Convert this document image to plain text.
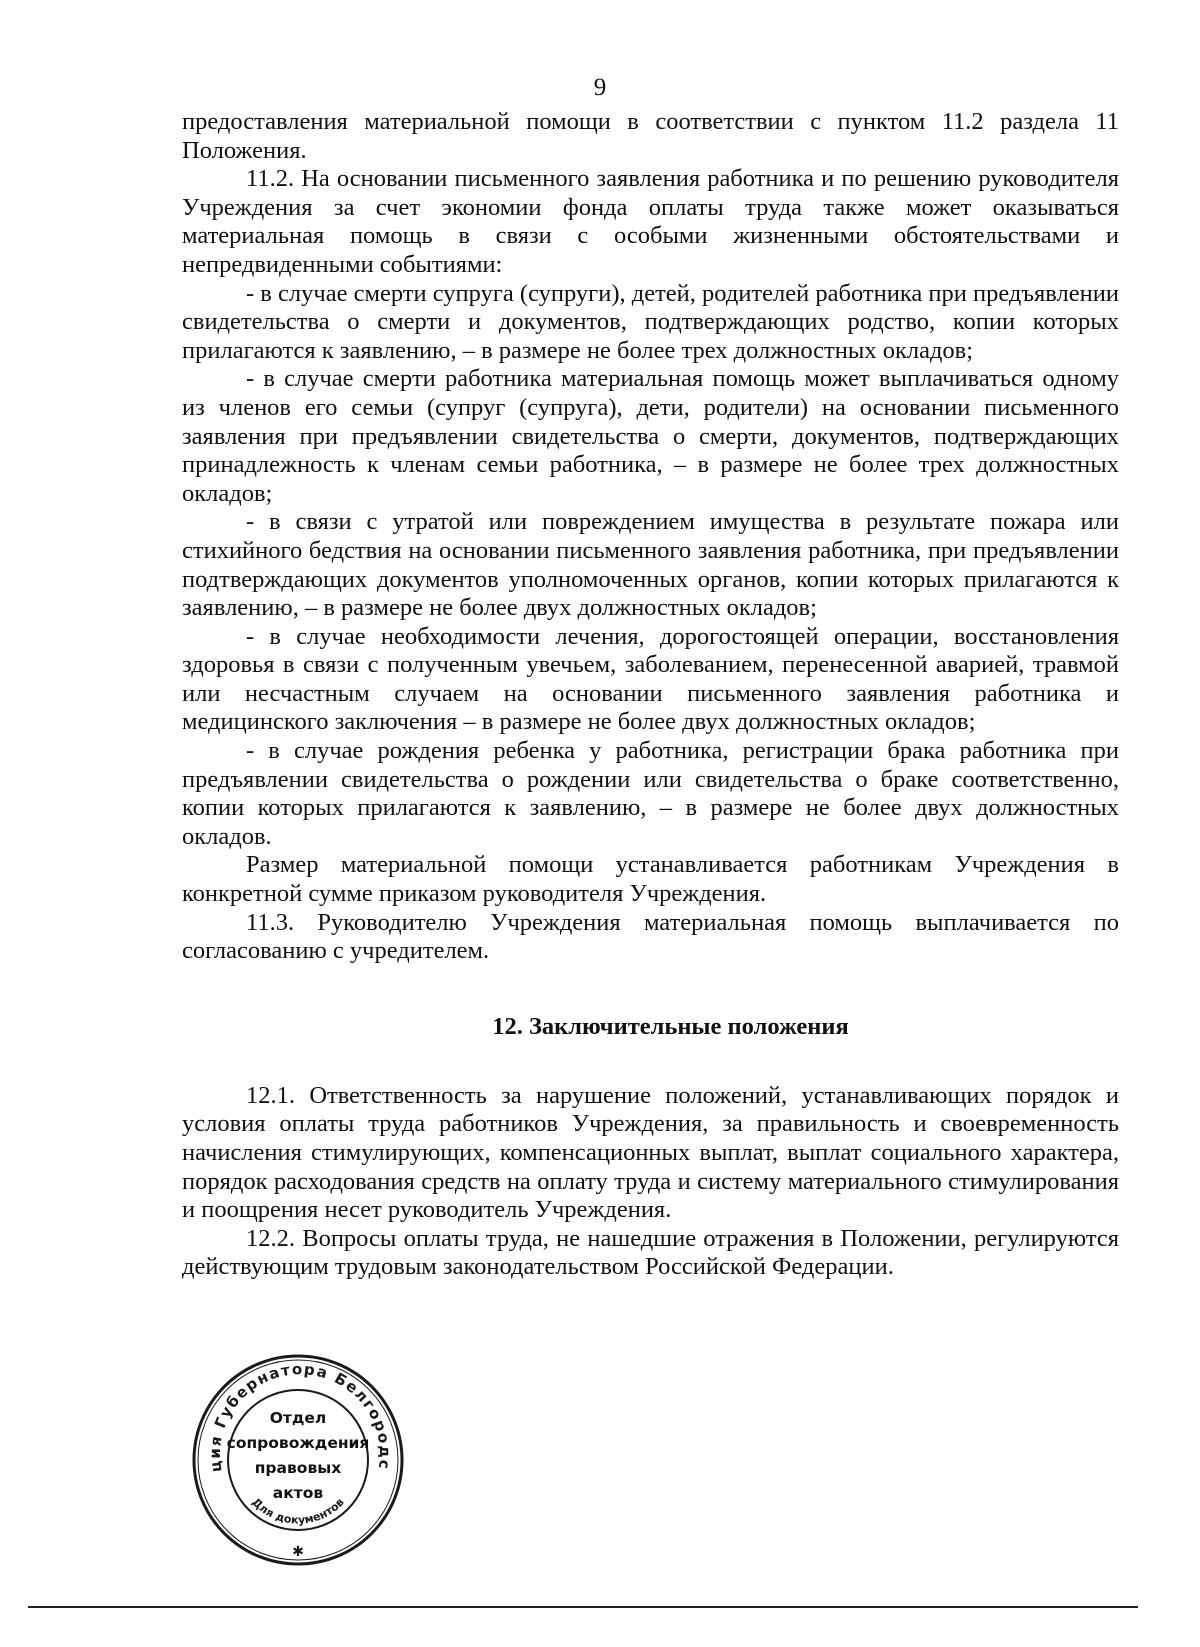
9

предоставления материальной помощи в соответствии с пунктом 11.2 раздела 11 Положения.

11.2. На основании письменного заявления работника и по решению руководителя Учреждения за счет экономии фонда оплаты труда также может оказываться материальная помощь в связи с особыми жизненными обстоятельствами и непредвиденными событиями:

- в случае смерти супруга (супруги), детей, родителей работника при предъявлении свидетельства о смерти и документов, подтверждающих родство, копии которых прилагаются к заявлению, – в размере не более трех должностных окладов;

- в случае смерти работника материальная помощь может выплачиваться одному из членов его семьи (супруг (супруга), дети, родители) на основании письменного заявления при предъявлении свидетельства о смерти, документов, подтверждающих принадлежность к членам семьи работника, – в размере не более трех должностных окладов;

- в связи с утратой или повреждением имущества в результате пожара или стихийного бедствия на основании письменного заявления работника, при предъявлении подтверждающих документов уполномоченных органов, копии которых прилагаются к заявлению, – в размере не более двух должностных окладов;

- в случае необходимости лечения, дорогостоящей операции, восстановления здоровья в связи с полученным увечьем, заболеванием, перенесенной аварией, травмой или несчастным случаем на основании письменного заявления работника и медицинского заключения – в размере не более двух должностных окладов;

- в случае рождения ребенка у работника, регистрации брака работника при предъявлении свидетельства о рождении или свидетельства о браке соответственно, копии которых прилагаются к заявлению, – в размере не более двух должностных окладов.

Размер материальной помощи устанавливается работникам Учреждения в конкретной сумме приказом руководителя Учреждения.

11.3. Руководителю Учреждения материальная помощь выплачивается по согласованию с учредителем.

12. Заключительные положения

12.1. Ответственность за нарушение положений, устанавливающих порядок и условия оплаты труда работников Учреждения, за правильность и своевременность начисления стимулирующих, компенсационных выплат, выплат социального характера, порядок расходования средств на оплату труда и систему материального стимулирования и поощрения несет руководитель Учреждения.

12.2. Вопросы оплаты труда, не нашедшие отражения в Положении, регулируются действующим трудовым законодательством Российской Федерации.

ция Губернатора Белгородс
Для документов
✱
Отдел
сопровождения
правовых
актов
